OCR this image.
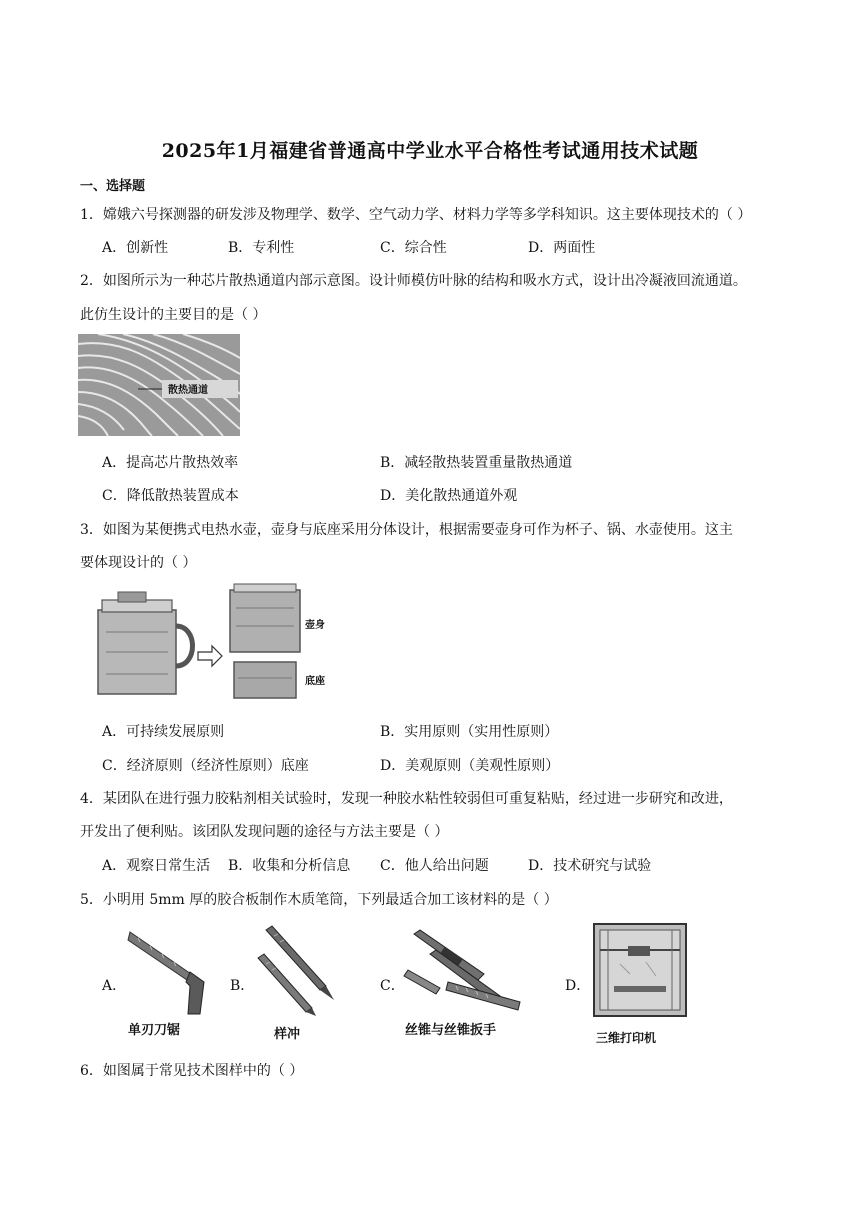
2025年1月福建省普通高中学业水平合格性考试通用技术试题
一、选择题
1．嫦娥六号探测器的研发涉及物理学、数学、空气动力学、材料力学等多学科知识。这主要体现技术的（ ）
A．创新性	B．专利性	C．综合性	D．两面性
2．如图所示为一种芯片散热通道内部示意图。设计师模仿叶脉的结构和吸水方式，设计出冷凝液回流通道。
此仿生设计的主要目的是（ ）
散热通道
A．提高芯片散热效率	B．减轻散热装置重量散热通道
C．降低散热装置成本	D．美化散热通道外观
3．如图为某便携式电热水壶，壶身与底座采用分体设计，根据需要壶身可作为杯子、锅、水壶使用。这主
要体现设计的（ ）
壶身
底座
A．可持续发展原则	B．实用原则（实用性原则）
C．经济原则（经济性原则）底座	D．美观原则（美观性原则）
4．某团队在进行强力胶粘剂相关试验时，发现一种胶水粘性较弱但可重复粘贴，经过进一步研究和改进，
开发出了便利贴。该团队发现问题的途径与方法主要是（ ）
A．观察日常生活 B．收集和分析信息 C．他人给出问题	D．技术研究与试验
5．小明用 5mm 厚的胶合板制作木质笔筒，下列最适合加工该材料的是（ ）
A．
单刃刀锯
B．
样冲
C．
丝锥与丝锥扳手
D．
三维打印机
6．如图属于常见技术图样中的（ ）
